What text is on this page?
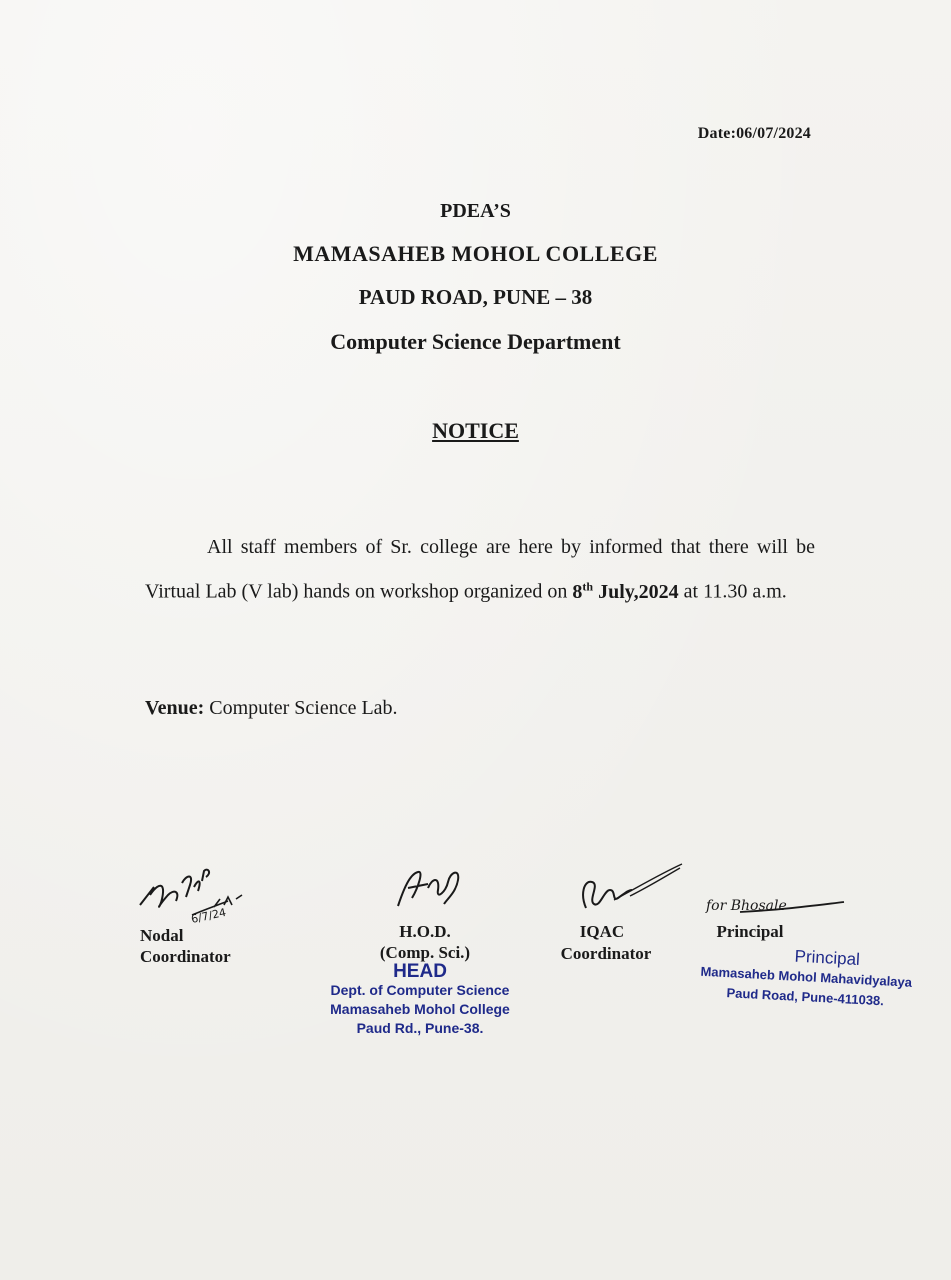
Date:06/07/2024
PDEA’S
MAMASAHEB MOHOL COLLEGE
PAUD ROAD, PUNE – 38
Computer Science Department
NOTICE
All staff members of Sr. college are here by informed that there will be Virtual Lab (V lab) hands on workshop organized on 8th July,2024 at 11.30 a.m.
Venue: Computer Science Lab.
6/7/24
Nodal
Coordinator
H.O.D.
(Comp. Sci.)
HEAD
Dept. of Computer Science
Mamasaheb Mohol College
Paud Rd., Pune-38.
IQAC
Coordinator
for Bhosale
Principal
Principal
Mamasaheb Mohol Mahavidyalaya
Paud Road, Pune-411038.
